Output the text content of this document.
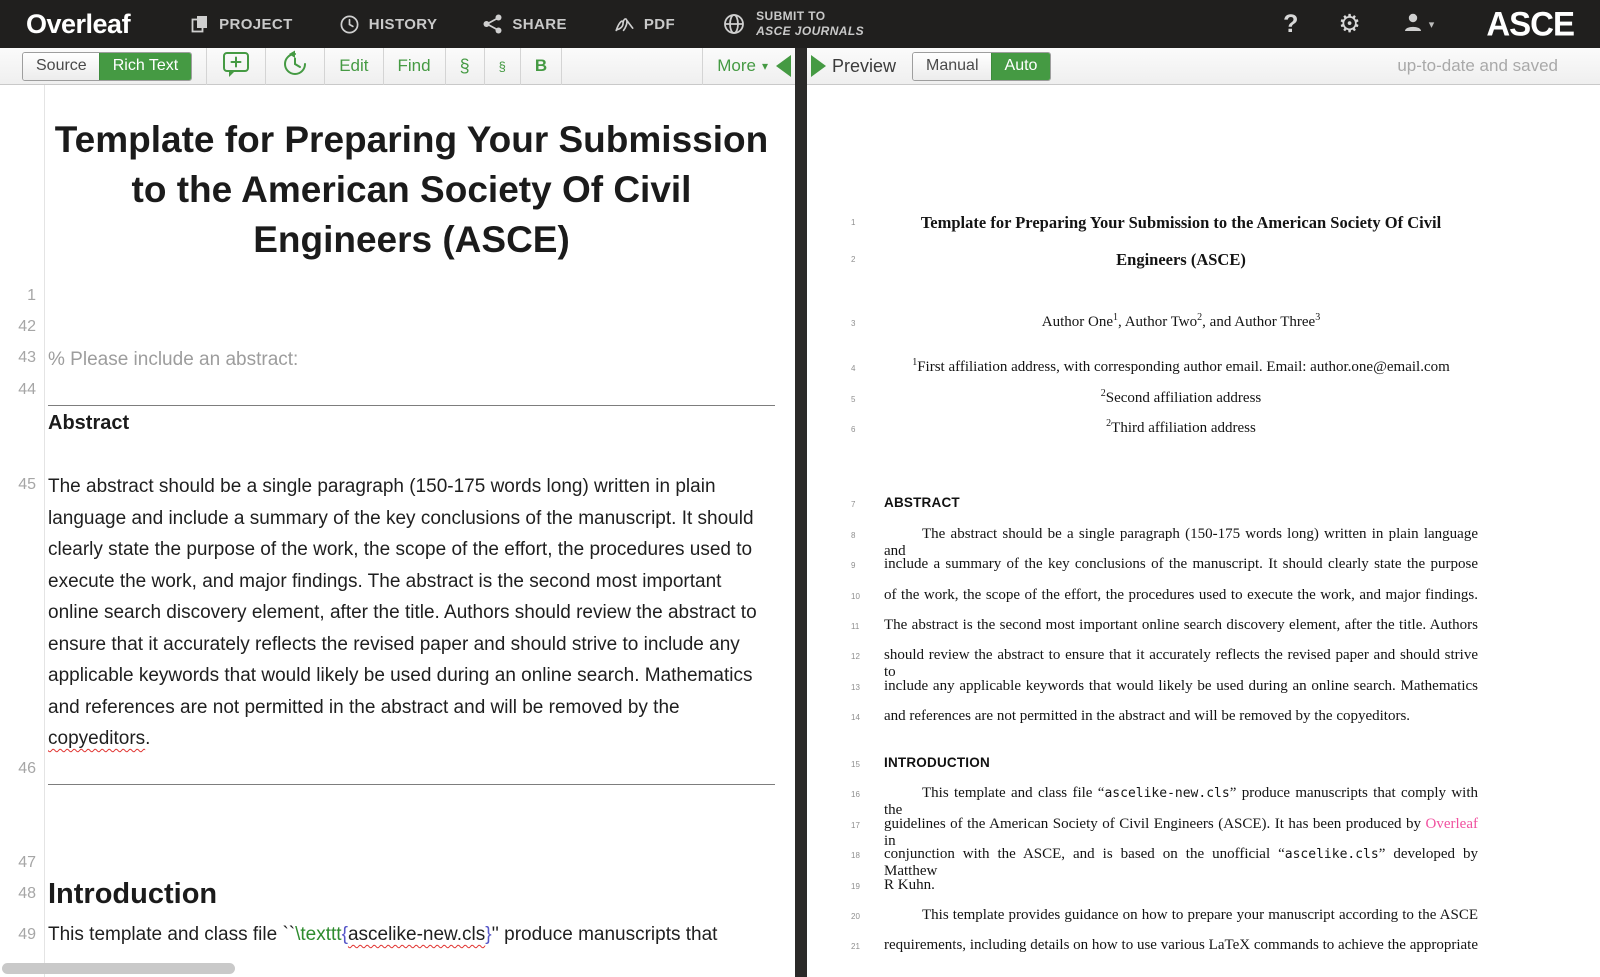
Overleaf	PROJECT	HISTORY	SHARE	PDF	SUBMIT TO
ASCE JOURNALS	? ⚙	▾ ASCE
Source	Rich Text	Edit Find § § B	More ▾	Preview	Manual	Auto	up-to-date and saved
1
42
43
44
45
46
47
48
49
Template for Preparing Your Submission
to the American Society Of Civil
Engineers (ASCE)
% Please include an abstract:
Abstract
The abstract should be a single paragraph (150-175 words long) written in plain
language and include a summary of the key conclusions of the manuscript. It should
clearly state the purpose of the work, the scope of the effort, the procedures used to
execute the work, and major findings. The abstract is the second most important
online search discovery element, after the title. Authors should review the abstract to
ensure that it accurately reflects the revised paper and should strive to include any
applicable keywords that would likely be used during an online search. Mathematics
and references are not permitted in the abstract and will be removed by the
copyeditors.
Introduction
This template and class file ``\texttt{ascelike-new.cls}'' produce manuscripts that
1	Template for Preparing Your Submission to the American Society Of Civil
2	Engineers (ASCE)
3	Author One$^1$, Author Two$^2$, and Author Three$^3$
4
$^1$First affiliation address, with corresponding author email. Email: author.one@email.com
5
$^2$Second affiliation address
6
$^2$Third affiliation address
7	ABSTRACT
8	The abstract should be a single paragraph (150-175 words long) written in plain language and
9	include a summary of the key conclusions of the manuscript. It should clearly state the purpose
10	of the work, the scope of the effort, the procedures used to execute the work, and major findings.
11	The abstract is the second most important online search discovery element, after the title. Authors
12	should review the abstract to ensure that it accurately reflects the revised paper and should strive to
13	include any applicable keywords that would likely be used during an online search. Mathematics
14	and references are not permitted in the abstract and will be removed by the copyeditors.
15	INTRODUCTION
16	This template and class file “ascelike-new.cls” produce manuscripts that comply with the
17	guidelines of the American Society of Civil Engineers (ASCE). It has been produced by Overleaf in
18	conjunction with the ASCE, and is based on the unofficial “ascelike.cls” developed by Matthew
19	R Kuhn.
20	This template provides guidance on how to prepare your manuscript according to the ASCE
21	requirements, including details on how to use various LaTeX commands to achieve the appropriate
